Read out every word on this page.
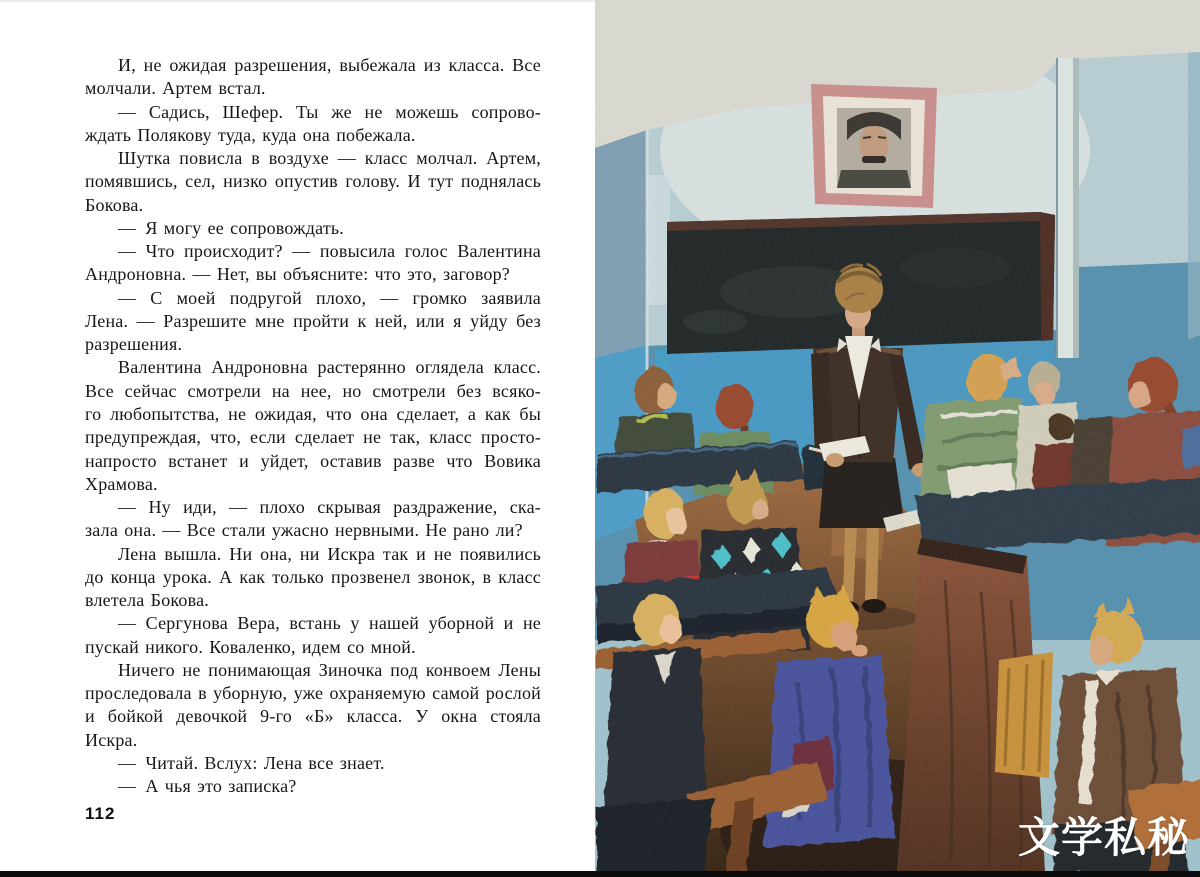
И, не ожидая разрешения, выбежала из класса. Все
молчали. Артем встал.
— Садись, Шефер. Ты же не можешь сопрово-
ждать Полякову туда, куда она побежала.
Шутка повисла в воздухе — класс молчал. Артем,
помявшись, сел, низко опустив голову. И тут поднялась
Бокова.
— Я могу ее сопровождать.
— Что происходит? — повысила голос Валентина
Андроновна. — Нет, вы объясните: что это, заговор?
— С моей подругой плохо, — громко заявила
Лена. — Разрешите мне пройти к ней, или я уйду без
разрешения.
Валентина Андроновна растерянно оглядела класс.
Все сейчас смотрели на нее, но смотрели без всяко-
го любопытства, не ожидая, что она сделает, а как бы
предупреждая, что, если сделает не так, класс просто-
напросто встанет и уйдет, оставив разве что Вовика
Храмова.
— Ну иди, — плохо скрывая раздражение, ска-
зала она. — Все стали ужасно нервными. Не рано ли?
Лена вышла. Ни она, ни Искра так и не появились
до конца урока. А как только прозвенел звонок, в класс
влетела Бокова.
— Сергунова Вера, встань у нашей уборной и не
пускай никого. Коваленко, идем со мной.
Ничего не понимающая Зиночка под конвоем Лены
проследовала в уборную, уже охраняемую самой рослой
и бойкой девочкой 9-го «Б» класса. У окна стояла
Искра.
— Читай. Вслух: Лена все знает.
— А чья это записка?
112	文学私秘
